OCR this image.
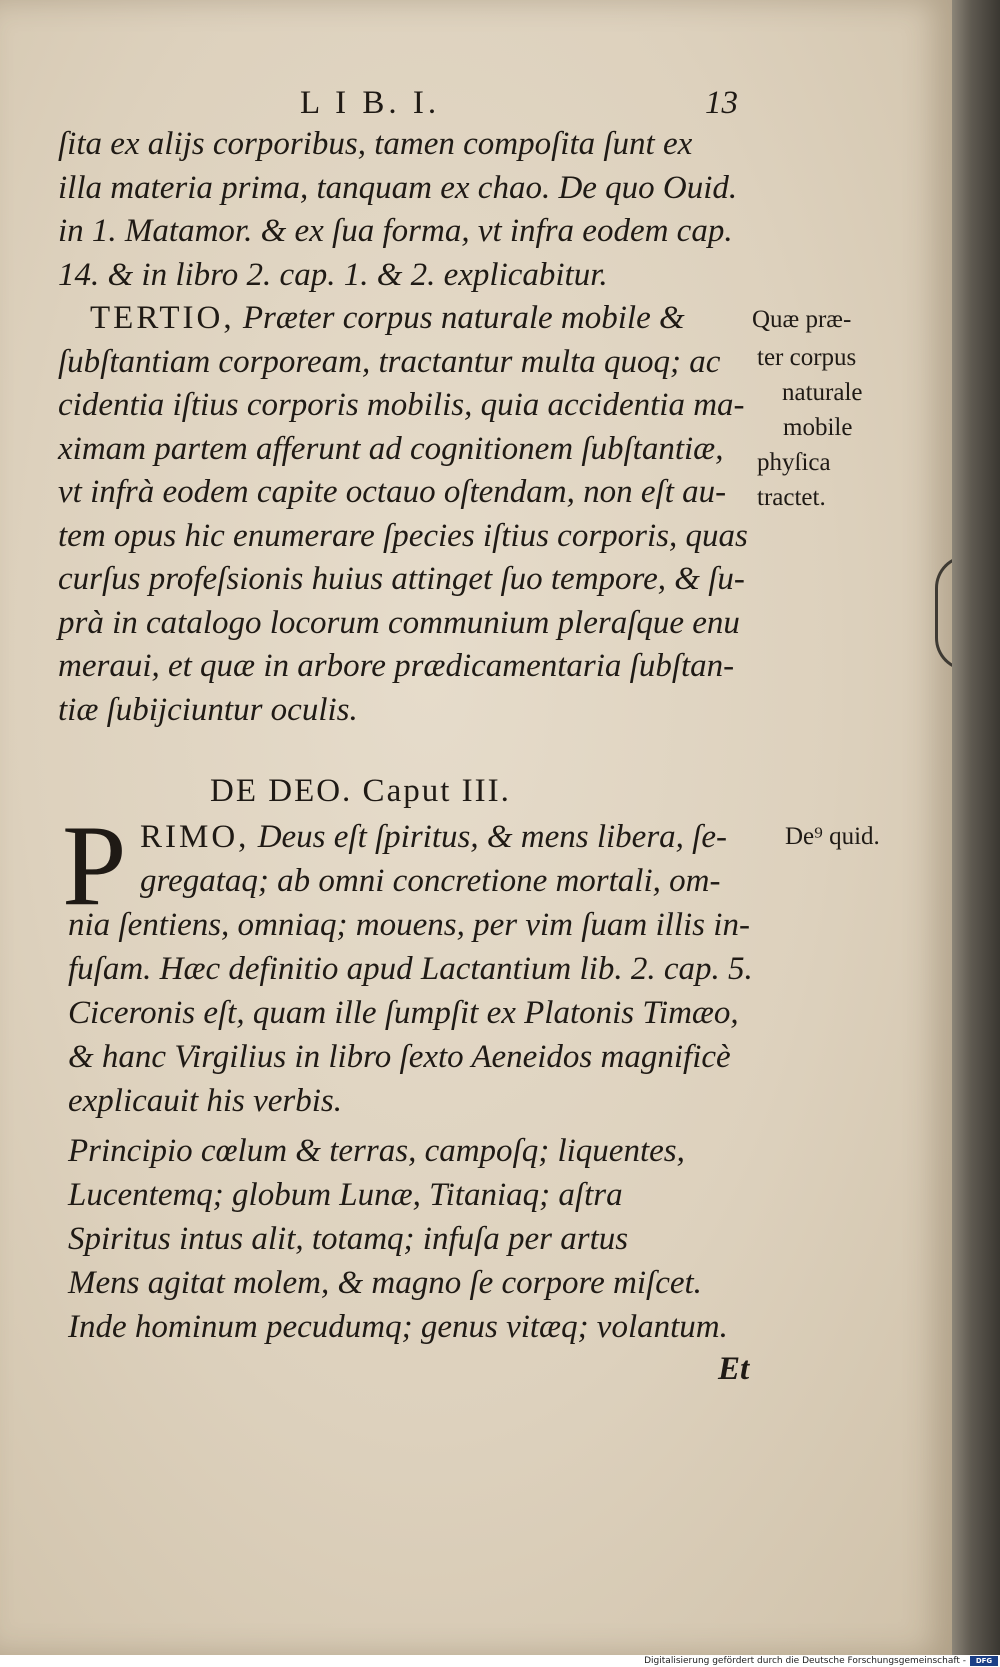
L I B. I.	13
ſita ex alijs corporibus, tamen compoſita ſunt ex
illa materia prima, tanquam ex chao. De quo Ouid.
in 1. Matamor. & ex ſua forma, vt infra eodem cap.
14. & in libro 2. cap. 1. & 2. explicabitur.
TERTIO, Præter corpus naturale mobile &
ſubſtantiam corpoream, tractantur multa quoq; ac
cidentia iſtius corporis mobilis, quia accidentia ma-
ximam partem afferunt ad cognitionem ſubſtantiæ,
vt infrà eodem capite octauo oſtendam, non eſt au-
tem opus hic enumerare ſpecies iſtius corporis, quas
curſus profeſsionis huius attinget ſuo tempore, & ſu-
prà in catalogo locorum communium pleraſque enu
meraui, et quæ in arbore prædicamentaria ſubſtan-
tiæ ſubijciuntur oculis.
Quæ præ-
ter corpus
naturale
mobile
phyſica
tractet.
DE DEO. Caput III.
P RIMO, Deus eſt ſpiritus, & mens libera, ſe-
gregataq; ab omni concretione mortali, om-
nia ſentiens, omniaq; mouens, per vim ſuam illis in-
fuſam. Hæc definitio apud Lactantium lib. 2. cap. 5.
Ciceronis eſt, quam ille ſumpſit ex Platonis Timæo,
& hanc Virgilius in libro ſexto Aeneidos magnificè
explicauit his verbis.
De⁹ quid.
Principio cœlum & terras, campoſq; liquentes,
Lucentemq; globum Lunæ, Titaniaq; aſtra
Spiritus intus alit, totamq; infuſa per artus
Mens agitat molem, & magno ſe corpore miſcet.
Inde hominum pecudumq; genus vitæq; volantum.
Et
Digitalisierung gefördert durch die Deutsche Forschungsgemeinschaft -	DFG
